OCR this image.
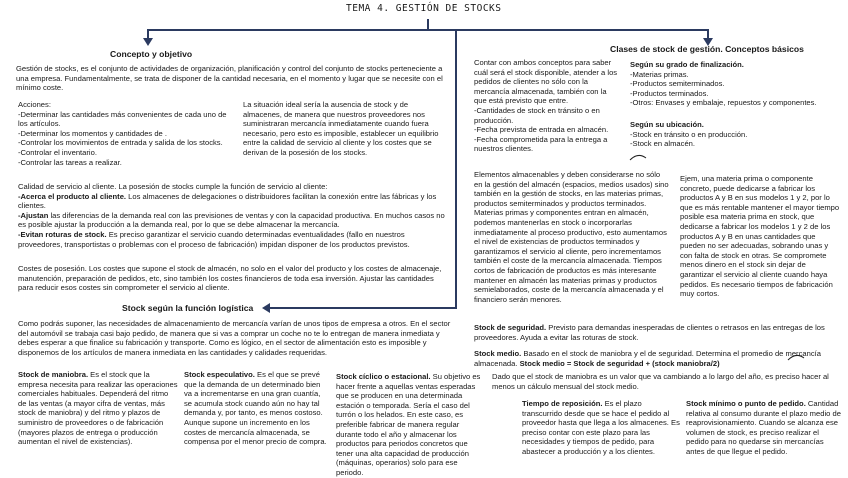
TEMA 4. GESTIÓN DE STOCKS
Concepto y objetivo
Gestión de stocks, es el conjunto de actividades de organización, planificación y control del conjunto de stocks perteneciente a una empresa. Fundamentalmente, se trata de disponer de la cantidad necesaria, en el momento y lugar que se necesite con el mínimo coste.
Acciones:
-Determinar las cantidades más convenientes de cada uno de los artículos.
-Determinar los momentos y cantidades de .
-Controlar los movimientos de entrada y salida de los stocks.
-Controlar el inventario.
-Controlar las tareas a realizar.
La situación ideal sería la ausencia de stock y de almacenes, de manera que nuestros proveedores nos suministraran mercancía inmediatamente cuando fuera necesario, pero esto es imposible, establecer un equilibrio entre la calidad de servicio al cliente y los costes que se derivan de la posesión de los stocks.
Calidad de servicio al cliente. La posesión de stocks cumple la función de servicio al cliente:
-Acerca el producto al cliente. Los almacenes de delegaciones o distribuidores facilitan la conexión entre las fábricas y los clientes.
-Ajustan las diferencias de la demanda real con las previsiones de ventas y con la capacidad productiva. En muchos casos no es posible ajustar la producción a la demanda real, por lo que se debe almacenar la mercancía.
-Evitan roturas de stock. Es preciso garantizar el servicio cuando determinadas eventualidades (fallo en nuestros proveedores, transportistas o problemas con el proceso de fabricación) impidan disponer de los productos previstos.
Costes de posesión. Los costes que supone el stock de almacén, no solo en el valor del producto y los costes de almacenaje, manutención, preparación de pedidos, etc, sino también los costes financieros de toda esa inversión. Ajustar las cantidades para reducir esos costes sin comprometer el servicio al cliente.
Stock según la función logística
Como podrás suponer, las necesidades de almacenamiento de mercancía varían de unos tipos de empresa a otros. En el sector del automóvil se trabaja casi bajo pedido, de manera que si vas a comprar un coche no te lo entregan de manera inmediata y debes esperar a que finalice su fabricación y transporte. Como es lógico, en el sector de alimentación esto es imposible y disponemos de los artículos de manera inmediata en las cantidades y calidades requeridas.
Stock de maniobra. Es el stock que la empresa necesita para realizar las operaciones comerciales habituales. Dependerá del ritmo de las ventas (a mayor cifra de ventas, más stock de maniobra) y del ritmo y plazos de suministro de proveedores o de fabricación (mayores plazos de entrega o producción aumentan el nivel de existencias).
Stock especulativo. Es el que se prevé que la demanda de un determinado bien va a incrementarse en una gran cuantía, se acumula stock cuando aún no hay tal demanda y, por tanto, es menos costoso. Aunque supone un incremento en los costes de mercancía almacenada, se compensa por el menor precio de compra.
Stock cíclico o estacional. Su objetivo es hacer frente a aquellas ventas esperadas que se producen en una determinada estación o temporada. Sería el caso del turrón o los helados. En este caso, es preferible fabricar de manera regular durante todo el año y almacenar los productos para periodos concretos que tener una alta capacidad de producción (máquinas, operarios) solo para ese periodo.
Clases de stock de gestión. Conceptos básicos
Contar con ambos conceptos para saber cuál será el stock disponible, atender a los pedidos de clientes no sólo con la mercancía almacenada, también con la que está previsto que entre.
-Cantidades de stock en tránsito o en producción.
-Fecha prevista de entrada en almacén.
-Fecha comprometida para la entrega a nuestros clientes.
Según su grado de finalización.
-Materias primas.
-Productos semiterminados.
-Productos terminados.
-Otros: Envases y embalaje, repuestos y componentes.
Según su ubicación.
-Stock en tránsito o en producción.
-Stock en almacén.
Elementos almacenables y deben considerarse no sólo en la gestión del almacén (espacios, medios usados) sino también en la gestión de stocks, en las materias primas, productos semiterminados y productos terminados. Materias primas y componentes entran en almacén, podemos mantenerlas en stock o incorporarlas inmediatamente al proceso productivo, esto aumentamos el nivel de existencias de productos terminados y garantizamos el servicio al cliente, pero incrementamos también el coste de la mercancía almacenada. Tiempos cortos de fabricación de productos es más interesante mantener en almacén las materias primas y productos semielaborados, coste de la mercancía almacenada y el financiero serán menores.
Ejem, una materia prima o componente concreto, puede dedicarse a fabricar los productos A y B en sus modelos 1 y 2, por lo que es más rentable mantener el mayor tiempo posible esa materia prima en stock, que dedicarse a fabricar los modelos 1 y 2 de los productos A y B en unas cantidades que pueden no ser adecuadas, sobrando unas y con falta de stock en otras. Se compromete menos dinero en el stock sin dejar de garantizar el servicio al cliente cuando haya pedidos. Es necesario tiempos de fabricación muy cortos.
Stock de seguridad. Previsto para demandas inesperadas de clientes o retrasos en las entregas de los proveedores. Ayuda a evitar las roturas de stock.
Stock medio. Basado en el stock de maniobra y el de seguridad. Determina el promedio de mercancía almacenada. Stock medio = Stock de seguridad + (stock maniobra/2)
Dado que el stock de maniobra es un valor que va cambiando a lo largo del año, es preciso hacer al menos un cálculo mensual del stock medio.
Tiempo de reposición. Es el plazo transcurrido desde que se hace el pedido al proveedor hasta que llega a los almacenes. Es preciso contar con este plazo para las necesidades y tiempos de pedido, para abastecer a producción y a los clientes.
Stock mínimo o punto de pedido. Cantidad relativa al consumo durante el plazo medio de reaprovisionamiento. Cuando se alcanza ese volumen de stock, es preciso realizar el pedido para no quedarse sin mercancías antes de que llegue el pedido.
